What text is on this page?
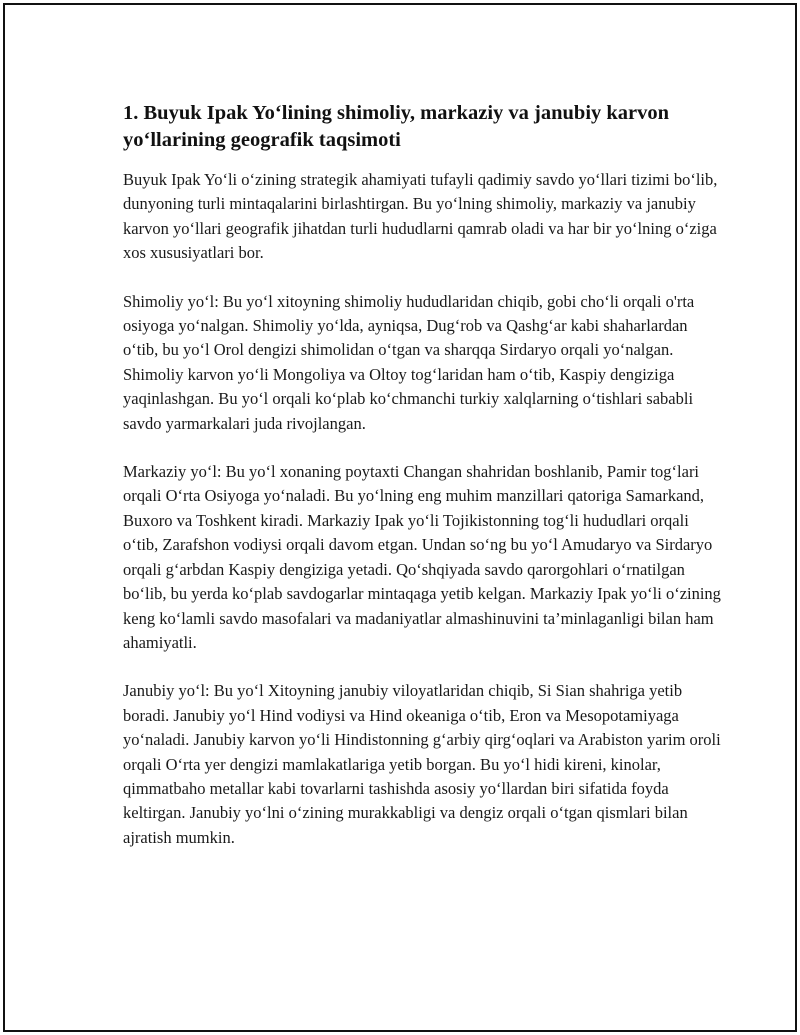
1. Buyuk Ipak Yo‘lining shimoliy, markaziy va janubiy karvon yo‘llarining geografik taqsimoti

Buyuk Ipak Yo‘li o‘zining strategik ahamiyati tufayli qadimiy savdo yo‘llari tizimi bo‘lib, dunyoning turli mintaqalarini birlashtirgan. Bu yo‘lning shimoliy, markaziy va janubiy karvon yo‘llari geografik jihatdan turli hududlarni qamrab oladi va har bir yo‘lning o‘ziga xos xususiyatlari bor.

Shimoliy yo‘l: Bu yo‘l xitoyning shimoliy hududlaridan chiqib, gobi cho‘li orqali o'rta osiyoga yo‘nalgan. Shimoliy yo‘lda, ayniqsa, Dug‘rob va Qashg‘ar kabi shaharlardan o‘tib, bu yo‘l Orol dengizi shimolidan o‘tgan va sharqqa Sirdaryo orqali yo‘nalgan. Shimoliy karvon yo‘li Mongoliya va Oltoy tog‘laridan ham o‘tib, Kaspiy dengiziga yaqinlashgan. Bu yo‘l orqali ko‘plab ko‘chmanchi turkiy xalqlarning o‘tishlari sababli savdo yarmarkalari juda rivojlangan.

Markaziy yo‘l: Bu yo‘l xonaning poytaxti Changan shahridan boshlanib, Pamir tog‘lari orqali O‘rta Osiyoga yo‘naladi. Bu yo‘lning eng muhim manzillari qatoriga Samarkand, Buxoro va Toshkent kiradi. Markaziy Ipak yo‘li Tojikistonning tog‘li hududlari orqali o‘tib, Zarafshon vodiysi orqali davom etgan. Undan so‘ng bu yo‘l Amudaryo va Sirdaryo orqali g‘arbdan Kaspiy dengiziga yetadi. Qo‘shqiyada savdo qarorgohlari o‘rnatilgan bo‘lib, bu yerda ko‘plab savdogarlar mintaqaga yetib kelgan. Markaziy Ipak yo‘li o‘zining keng ko‘lamli savdo masofalari va madaniyatlar almashinuvini ta’minlaganligi bilan ham ahamiyatli.

Janubiy yo‘l: Bu yo‘l Xitoyning janubiy viloyatlaridan chiqib, Si Sian shahriga yetib boradi. Janubiy yo‘l Hind vodiysi va Hind okeaniga o‘tib, Eron va Mesopotamiyaga yo‘naladi. Janubiy karvon yo‘li Hindistonning g‘arbiy qirg‘oqlari va Arabiston yarim oroli orqali O‘rta yer dengizi mamlakatlariga yetib borgan. Bu yo‘l hidi kireni, kinolar, qimmatbaho metallar kabi tovarlarni tashishda asosiy yo‘llardan biri sifatida foyda keltirgan. Janubiy yo‘lni o‘zining murakkabligi va dengiz orqali o‘tgan qismlari bilan ajratish mumkin.
